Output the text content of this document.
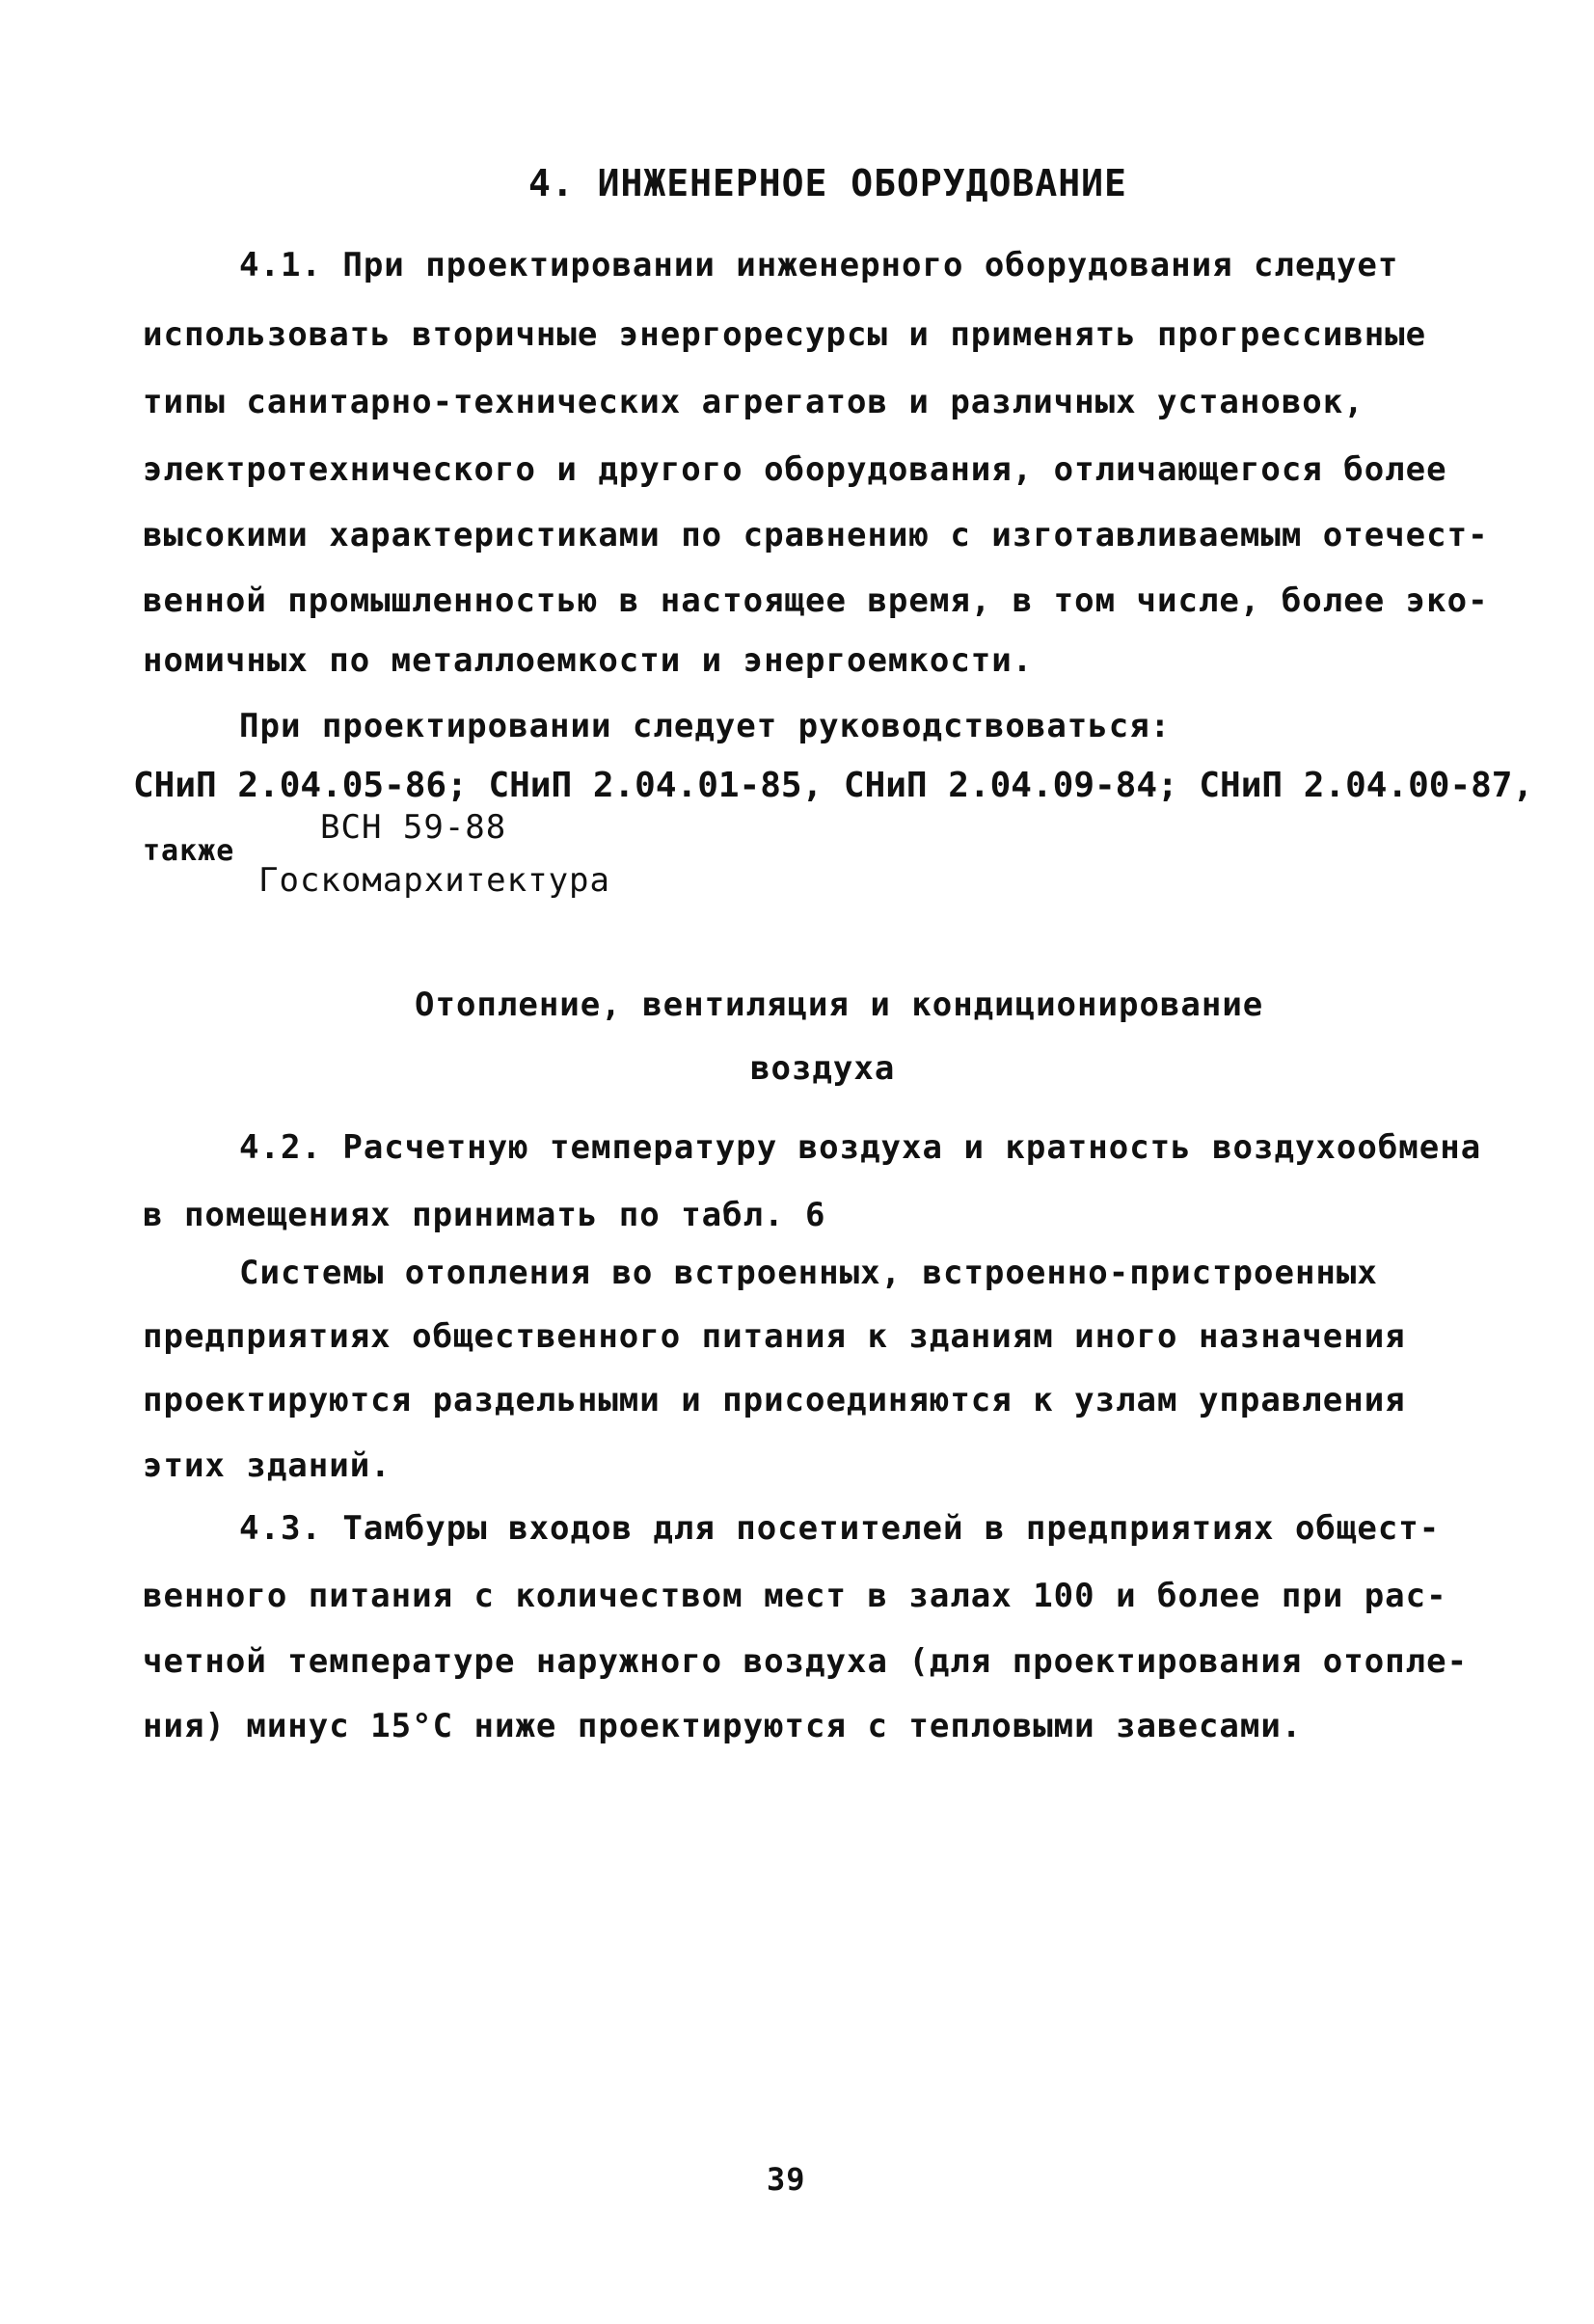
4. ИНЖЕНЕРНОЕ ОБОРУДОВАНИЕ
4.1. При проектировании инженерного оборудования следует
использовать вторичные энергоресурсы и применять прогрессивные
типы санитарно-технических агрегатов и различных установок,
электротехнического и другого оборудования, отличающегося более
высокими характеристиками по сравнению с изготавливаемым отечест-
венной промышленностью в настоящее время, в том числе, более эко-
номичных по металлоемкости и энергоемкости.
При проектировании следует руководствоваться:
СНиП 2.04.05-86; СНиП 2.04.01-85, СНиП 2.04.09-84; СНиП 2.04.00-87,
также
ВСН 59-88
Госкомархитектура
Отопление, вентиляция и кондиционирование
воздуха
4.2. Расчетную температуру воздуха и кратность воздухообмена
в помещениях принимать по табл. 6
Системы отопления во встроенных, встроенно-пристроенных
предприятиях общественного питания к зданиям иного назначения
проектируются раздельными и присоединяются к узлам управления
этих зданий.
4.3. Тамбуры входов для посетителей в предприятиях общест-
венного питания с количеством мест в залах 100 и более при рас-
четной температуре наружного воздуха (для проектирования отопле-
ния) минус 15°С ниже проектируются с тепловыми завесами.
39
